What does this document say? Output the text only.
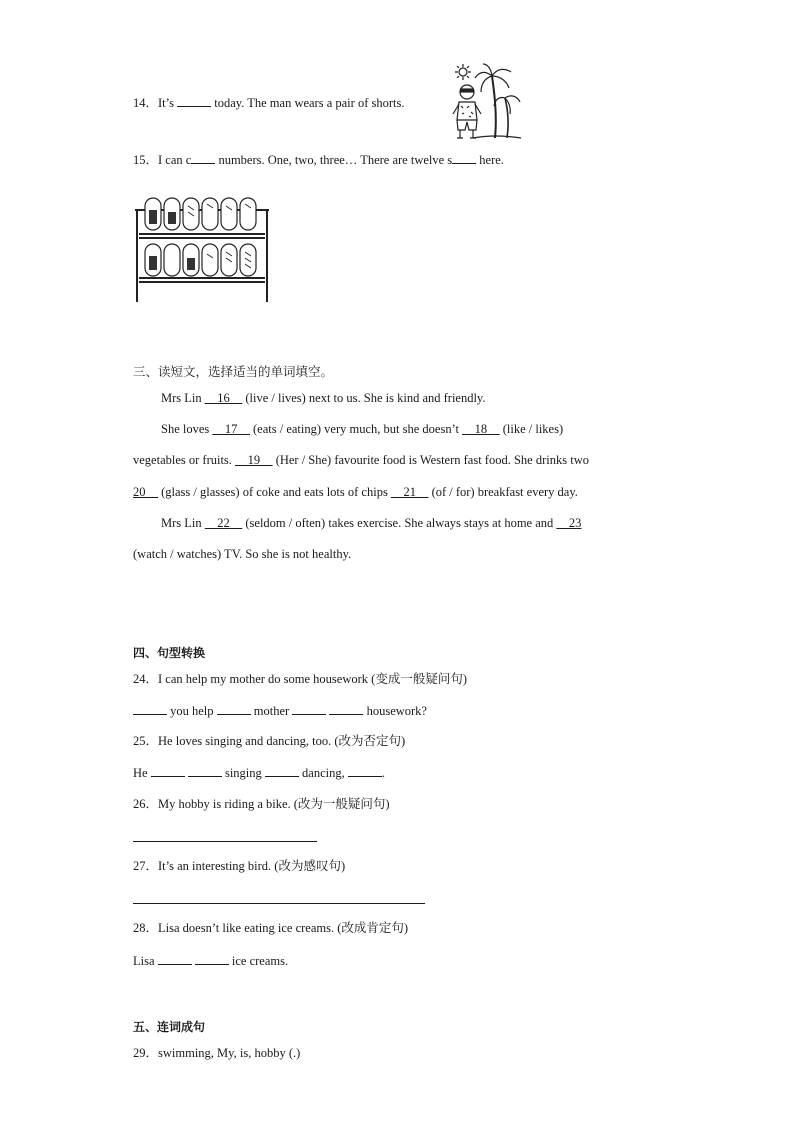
14．It’s	today. The man wears a pair of shorts.
15．I can c numbers. One, two, three… There are twelve s here.
三、读短文，选择适当的单词填空。
Mrs Lin 16 (live / lives) next to us. She is kind and friendly.
She loves 17 (eats / eating) very much, but she doesn’t 18 (like / likes)
vegetables or fruits. 19 (Her / She) favourite food is Western fast food. She drinks two
20 (glass / glasses) of coke and eats lots of chips 21 (of / for) breakfast every day.
Mrs Lin 22 (seldom / often) takes exercise. She always stays at home and 23
(watch / watches) TV. So she is not healthy.
四、句型转换
24．I can help my mother do some housework (变成一般疑问句)
you help	mother	housework?
25．He loves singing and dancing, too. (改为否定句)
He	singing	dancing,	.
26．My hobby is riding a bike. (改为一般疑问句)
27．It’s an interesting bird. (改为感叹句)
28．Lisa doesn’t like eating ice creams. (改成肯定句)
Lisa	ice creams.
五、连词成句
29．swimming, My, is, hobby (.)
